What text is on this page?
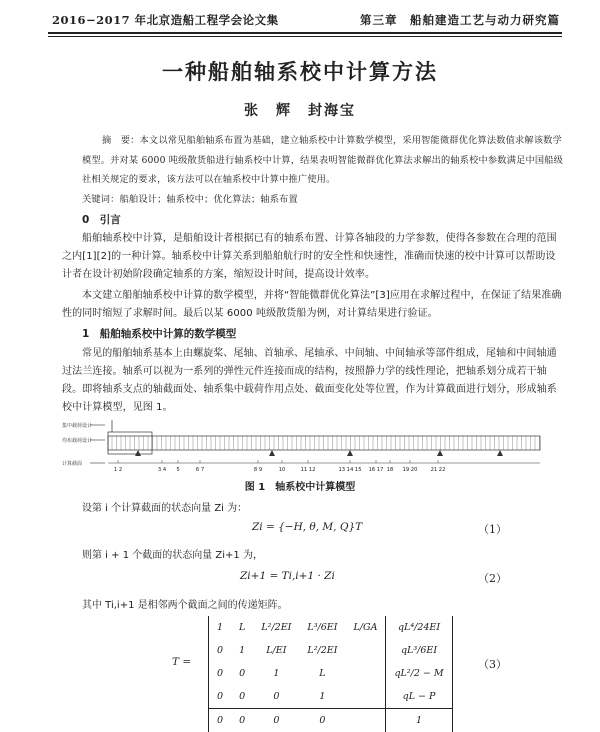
2016−2017 年北京造船工程学会论文集	第三章　船舶建造工艺与动力研究篇
一种船舶轴系校中计算方法
张　辉　封海宝
摘　要：本文以常见船舶轴系布置为基础，建立轴系校中计算数学模型，采用智能微群优化算法数值求解该数学模型。并对某 6000 吨级散货船进行轴系校中计算，结果表明智能微群优化算法求解出的轴系校中参数满足中国船级社相关规定的要求，该方法可以在轴系校中计算中推广使用。
关键词：船舶设计；轴系校中；优化算法；轴系布置
0　引言
船舶轴系校中计算，是船舶设计者根据已有的轴系布置、计算各轴段的力学参数，使得各参数在合理的范围之内[1][2]的一种计算。轴系校中计算关系到船舶航行时的安全性和快速性，准确而快速的校中计算可以帮助设计者在设计初始阶段确定轴系的方案，缩短设计时间，提高设计效率。
本文建立船舶轴系校中计算的数学模型，并将“智能微群优化算法”[3]应用在求解过程中，在保证了结果准确性的同时缩短了求解时间。最后以某 6000 吨级散货船为例，对计算结果进行验证。
1　船舶轴系校中计算的数学模型
常见的船舶轴系基本上由螺旋桨、尾轴、首轴承、尾轴承、中间轴、中间轴承等部件组成，尾轴和中间轴通过法兰连接。轴系可以视为一系列的弹性元件连接而成的结构，按照静力学的线性理论，把轴系划分成若干轴段。即将轴系支点的轴截面处、轴系集中载荷作用点处、截面变化处等位置，作为计算截面进行划分，形成轴系校中计算模型，见图 1。
集中载荷设计
均布载荷设计
计算截面
1 2	3 4 5	6 7	8 9	10	11 12	13 14 15 16 17 18 19 20	21 22
图 1　轴系校中计算模型
设第 i 个计算截面的状态向量 Zi 为：
Zi = {−H, θ, M, Q}T	（1）
则第 i + 1 个截面的状态向量 Zi+1 为，
Zi+1 = Ti,i+1 · Zi	（2）
其中 Ti,i+1 是相邻两个截面之间的传递矩阵。
T =
1	L	L²/2EI	L³/6EI	L/GA	qL⁴/24EI
0	1	L/EI	L²/2EI		qL³/6EI
0	0	1	L		qL²/2 − M
0	0	0	1		qL − P
0	0	0	0		1
（3）
